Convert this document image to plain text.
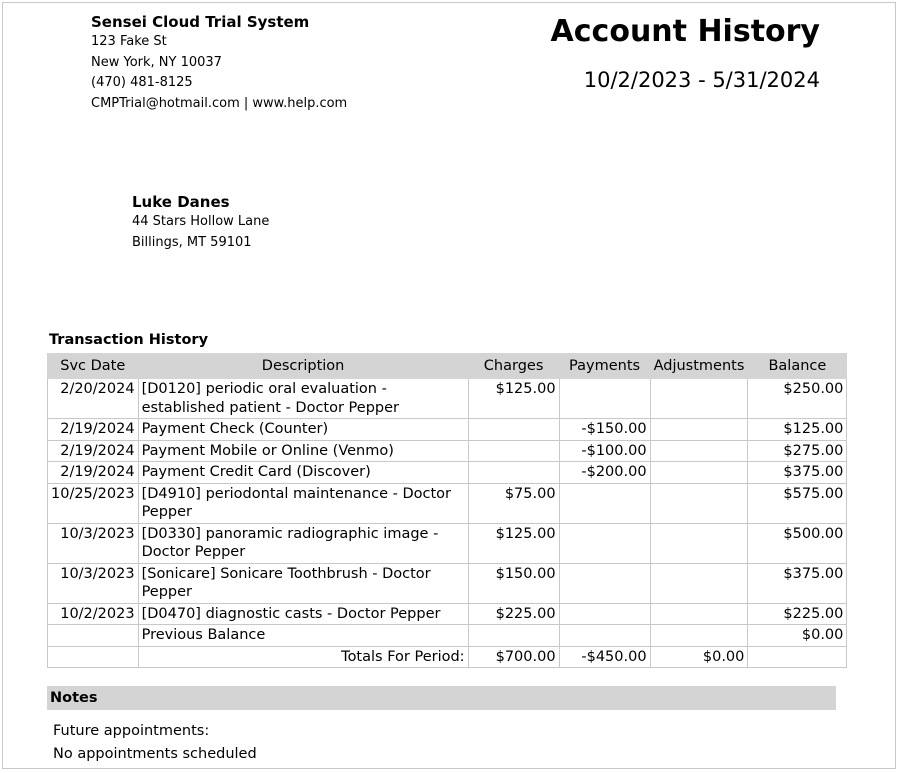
Sensei Cloud Trial System
123 Fake St
New York, NY 10037
(470) 481-8125
CMPTrial@hotmail.com | www.help.com
Account History
10/2/2023 - 5/31/2024
Luke Danes
44 Stars Hollow Lane
Billings, MT 59101
Transaction History
Svc Date	Description	Charges	Payments	Adjustments	Balance
2/20/2024	[D0120] periodic oral evaluation - established patient - Doctor Pepper	$125.00			$250.00
2/19/2024	Payment Check (Counter)		-$150.00		$125.00
2/19/2024	Payment Mobile or Online (Venmo)		-$100.00		$275.00
2/19/2024	Payment Credit Card (Discover)		-$200.00		$375.00
10/25/2023	[D4910] periodontal maintenance - Doctor Pepper	$75.00			$575.00
10/3/2023	[D0330] panoramic radiographic image - Doctor Pepper	$125.00			$500.00
10/3/2023	[Sonicare] Sonicare Toothbrush - Doctor Pepper	$150.00			$375.00
10/2/2023	[D0470] diagnostic casts - Doctor Pepper	$225.00			$225.00
	Previous Balance				$0.00
	Totals For Period:	$700.00	-$450.00	$0.00	
Notes
Future appointments:
No appointments scheduled
